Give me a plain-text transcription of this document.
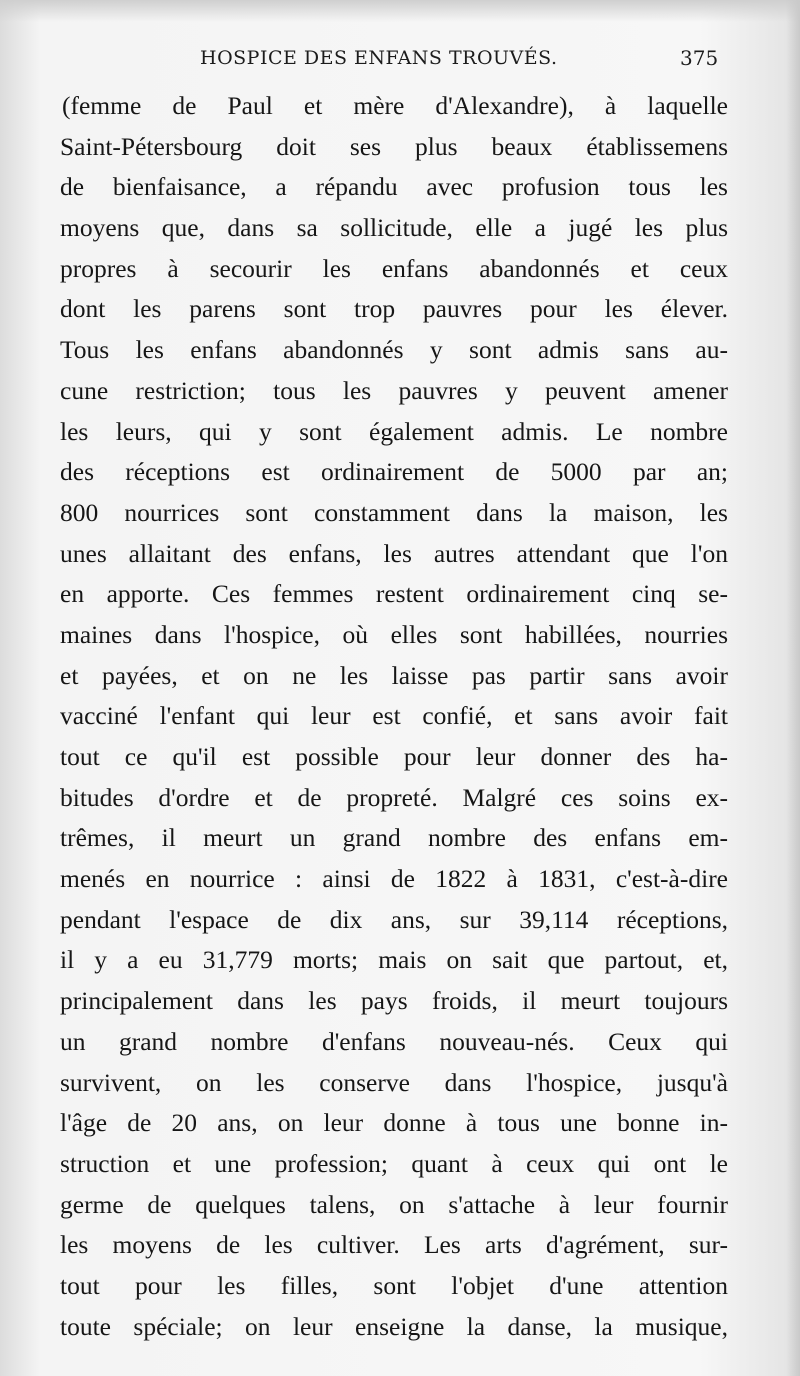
HOSPICE DES ENFANS TROUVÉS.	375
(femme de Paul et mère d'Alexandre), à laquelle
Saint-Pétersbourg doit ses plus beaux établissemens
de bienfaisance, a répandu avec profusion tous les
moyens que, dans sa sollicitude, elle a jugé les plus
propres à secourir les enfans abandonnés et ceux
dont les parens sont trop pauvres pour les élever.
Tous les enfans abandonnés y sont admis sans au-
cune restriction; tous les pauvres y peuvent amener
les leurs, qui y sont également admis. Le nombre
des réceptions est ordinairement de 5000 par an;
800 nourrices sont constamment dans la maison, les
unes allaitant des enfans, les autres attendant que l'on
en apporte. Ces femmes restent ordinairement cinq se-
maines dans l'hospice, où elles sont habillées, nourries
et payées, et on ne les laisse pas partir sans avoir
vacciné l'enfant qui leur est confié, et sans avoir fait
tout ce qu'il est possible pour leur donner des ha-
bitudes d'ordre et de propreté. Malgré ces soins ex-
trêmes, il meurt un grand nombre des enfans em-
menés en nourrice : ainsi de 1822 à 1831, c'est-à-dire
pendant l'espace de dix ans, sur 39,114 réceptions,
il y a eu 31,779 morts; mais on sait que partout, et,
principalement dans les pays froids, il meurt toujours
un grand nombre d'enfans nouveau-nés. Ceux qui
survivent, on les conserve dans l'hospice, jusqu'à
l'âge de 20 ans, on leur donne à tous une bonne in-
struction et une profession; quant à ceux qui ont le
germe de quelques talens, on s'attache à leur fournir
les moyens de les cultiver. Les arts d'agrément, sur-
tout pour les filles, sont l'objet d'une attention
toute spéciale; on leur enseigne la danse, la musique,
